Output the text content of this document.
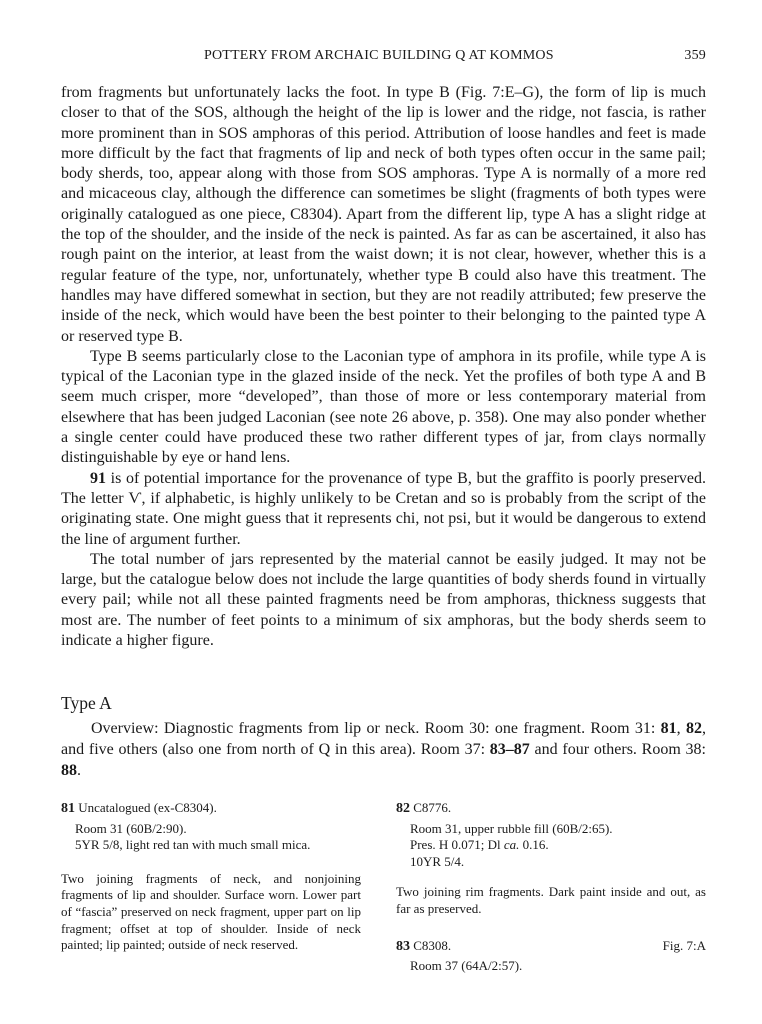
POTTERY FROM ARCHAIC BUILDING Q AT KOMMOS	359

from fragments but unfortunately lacks the foot. In type B (Fig. 7:E–G), the form of lip is much closer to that of the SOS, although the height of the lip is lower and the ridge, not fascia, is rather more prominent than in SOS amphoras of this period. Attribution of loose handles and feet is made more difficult by the fact that fragments of lip and neck of both types often occur in the same pail; body sherds, too, appear along with those from SOS amphoras. Type A is normally of a more red and micaceous clay, although the difference can sometimes be slight (fragments of both types were originally catalogued as one piece, C8304). Apart from the different lip, type A has a slight ridge at the top of the shoulder, and the inside of the neck is painted. As far as can be ascertained, it also has rough paint on the interior, at least from the waist down; it is not clear, however, whether this is a regular feature of the type, nor, unfortunately, whether type B could also have this treatment. The handles may have differed somewhat in section, but they are not readily attributed; few preserve the inside of the neck, which would have been the best pointer to their belonging to the painted type A or reserved type B.

Type B seems particularly close to the Laconian type of amphora in its profile, while type A is typical of the Laconian type in the glazed inside of the neck. Yet the profiles of both type A and B seem much crisper, more “developed”, than those of more or less contemporary material from elsewhere that has been judged Laconian (see note 26 above, p. 358). One may also ponder whether a single center could have produced these two rather different types of jar, from clays normally distinguishable by eye or hand lens.

91 is of potential importance for the provenance of type B, but the graffito is poorly preserved. The letter Ѵ, if alphabetic, is highly unlikely to be Cretan and so is probably from the script of the originating state. One might guess that it represents chi, not psi, but it would be dangerous to extend the line of argument further.

The total number of jars represented by the material cannot be easily judged. It may not be large, but the catalogue below does not include the large quantities of body sherds found in virtually every pail; while not all these painted fragments need be from amphoras, thickness suggests that most are. The number of feet points to a minimum of six amphoras, but the body sherds seem to indicate a higher figure.

Type A
Overview: Diagnostic fragments from lip or neck. Room 30: one fragment. Room 31: 81, 82, and five others (also one from north of Q in this area). Room 37: 83–87 and four others. Room 38: 88.
81 Uncatalogued (ex-C8304).
Room 31 (60B/2:90).
5YR 5/8, light red tan with much small mica.

Two joining fragments of neck, and nonjoining fragments of lip and shoulder. Surface worn. Lower part of “fascia” preserved on neck fragment, upper part on lip fragment; offset at top of shoulder. Inside of neck painted; lip painted; outside of neck reserved.

82 C8776.
Room 31, upper rubble fill (60B/2:65).
Pres. H 0.071; Dl ca. 0.16.
10YR 5/4.

Two joining rim fragments. Dark paint inside and out, as far as preserved.

83 C8308.	Fig. 7:A
Room 37 (64A/2:57).
